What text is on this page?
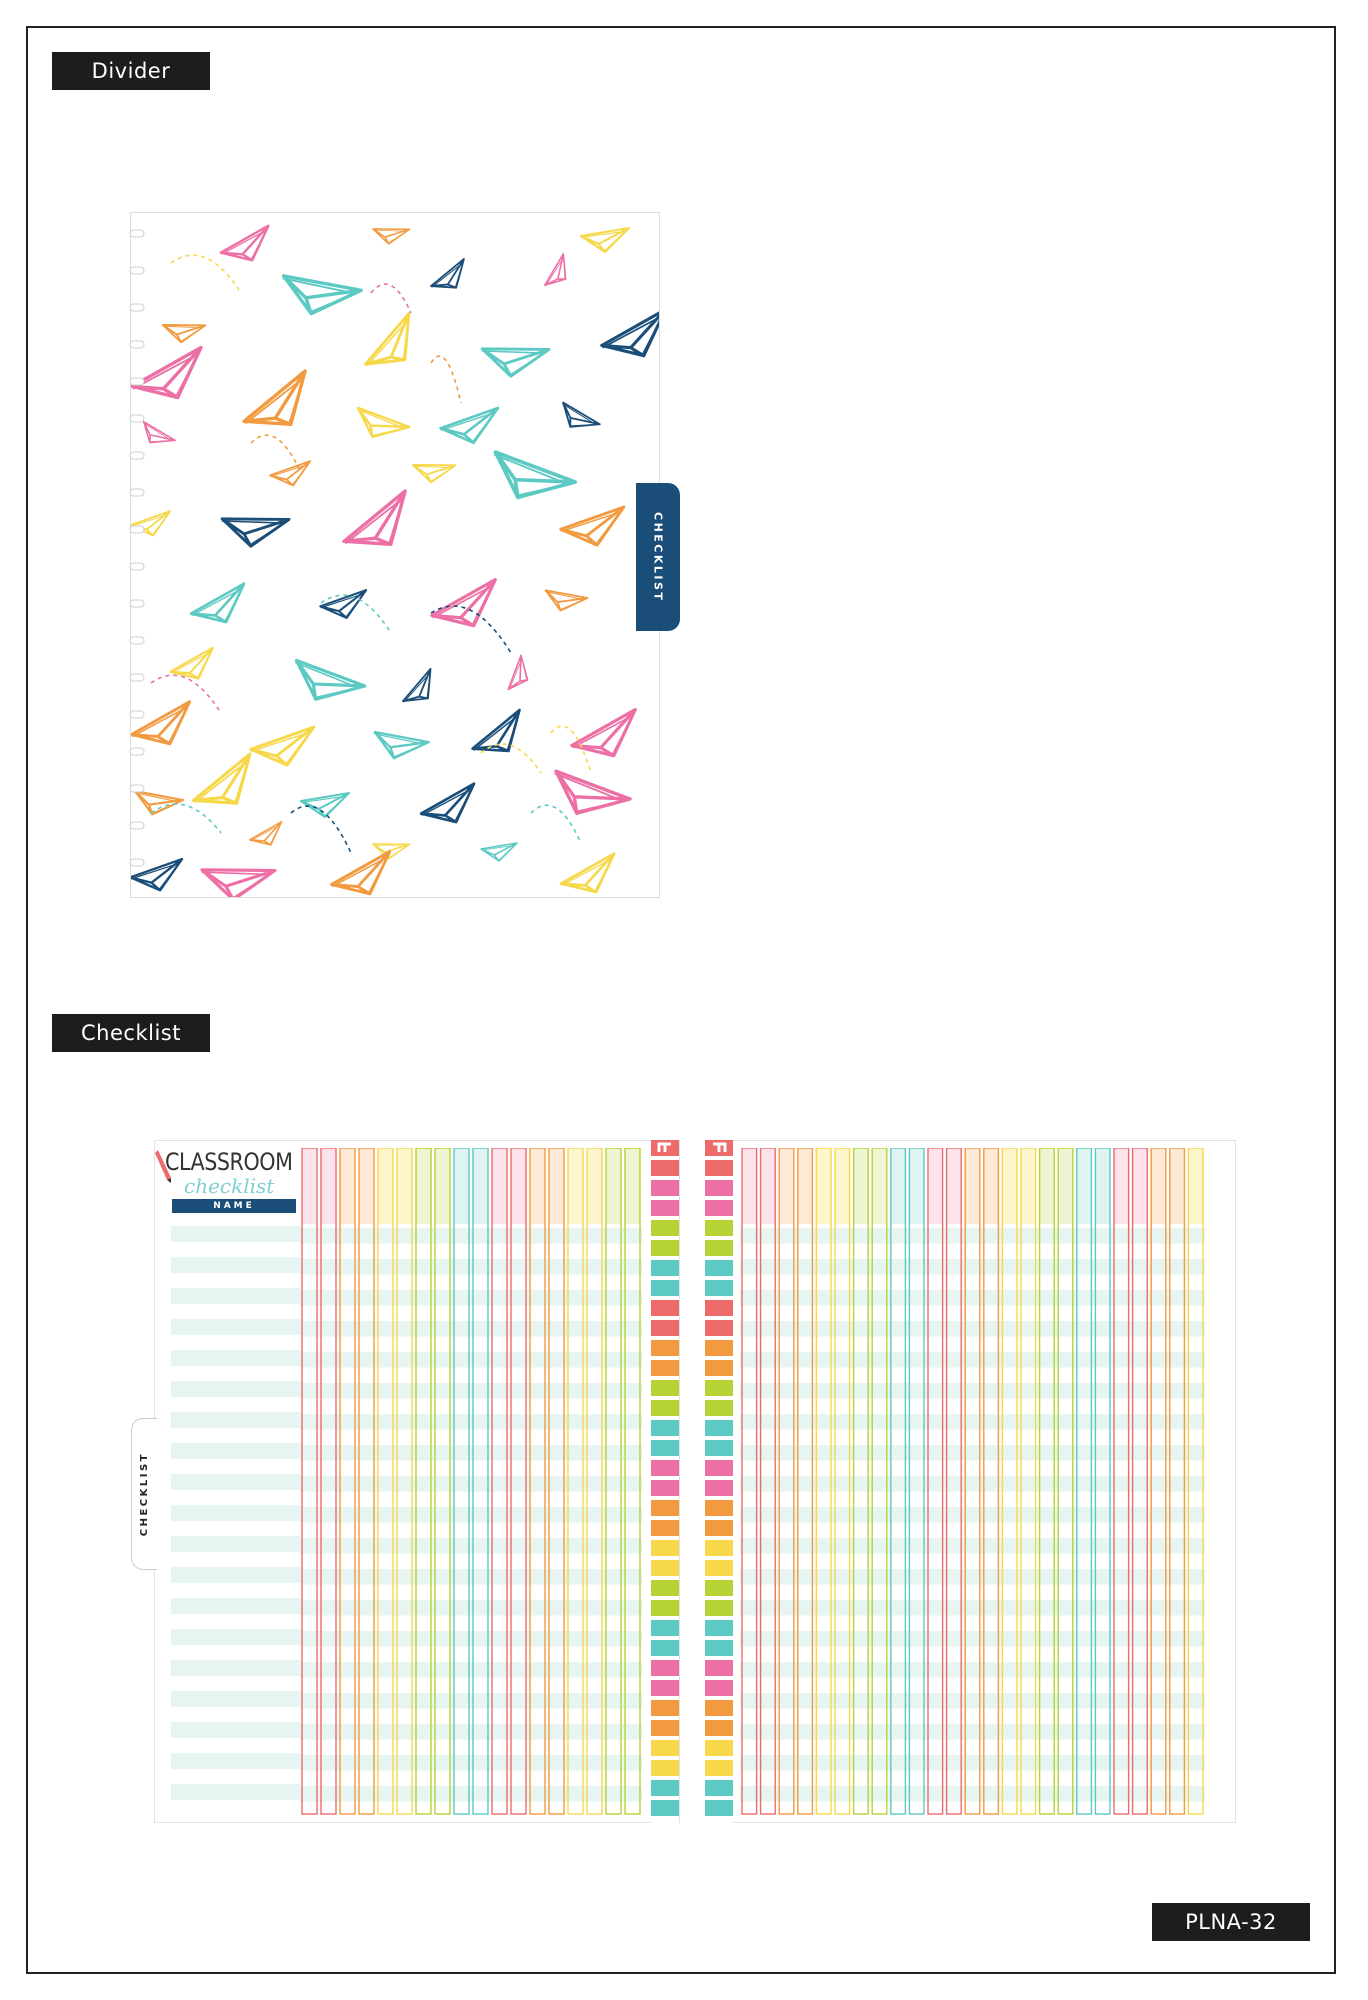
Divider
Checklist
PLNA-32
CHECKLIST
CHECKLIST
CLASSROOM
checklist
NAME
